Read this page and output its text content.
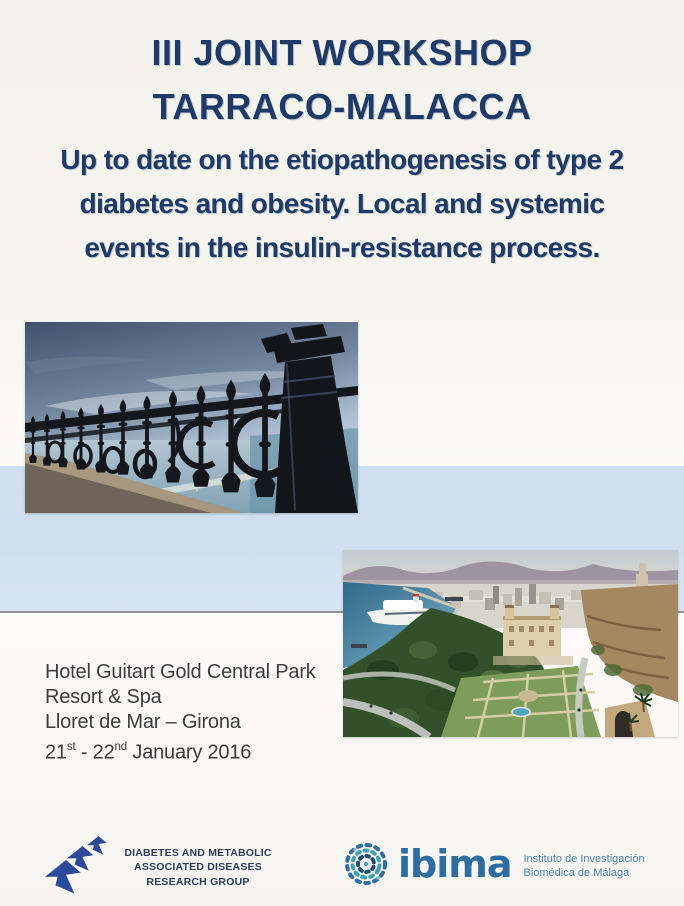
III JOINT WORKSHOP
TARRACO-MALACCA
Up to date on the etiopathogenesis of type 2
diabetes and obesity. Local and systemic
events in the insulin-resistance process.
Hotel Guitart Gold Central Park
Resort & Spa
Lloret de Mar – Girona
21st - 22nd January 2016
DIABETES AND METABOLIC
ASSOCIATED DISEASES
RESEARCH GROUP	ibima Instituto de Investigación
Biomédica de Málaga
